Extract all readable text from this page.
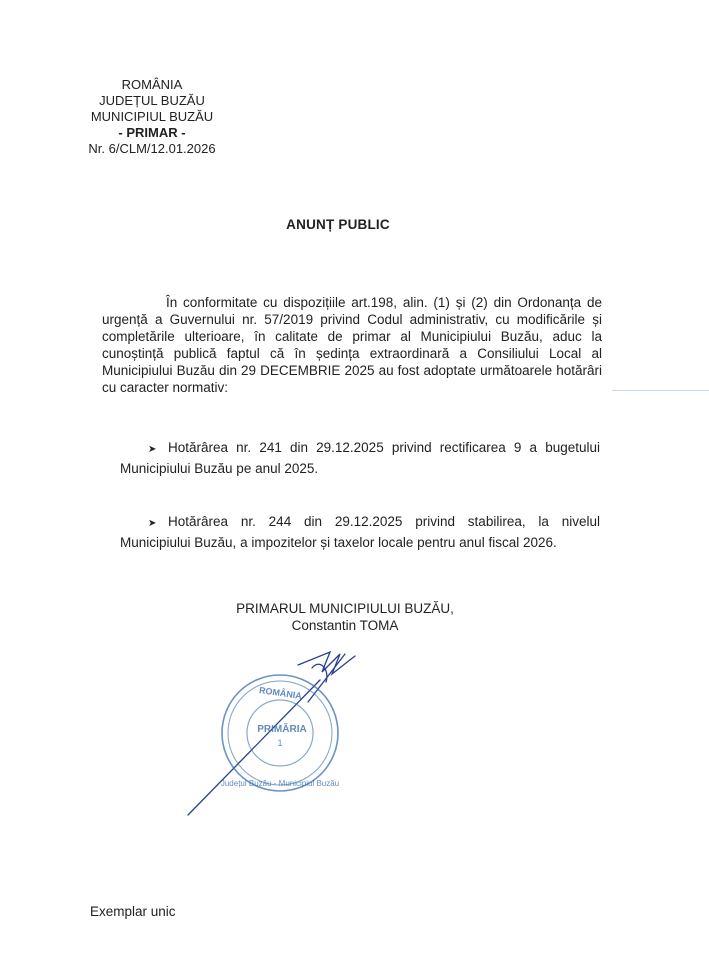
ROMÂNIA
JUDEȚUL BUZĂU
MUNICIPIUL BUZĂU
- PRIMAR -
Nr. 6/CLM/12.01.2026
ANUNȚ PUBLIC
În conformitate cu dispozițiile art.198, alin. (1) și (2) din Ordonanța de urgență a Guvernului nr. 57/2019 privind Codul administrativ, cu modificările și completările ulterioare, în calitate de primar al Municipiului Buzău, aduc la cunoștință publică faptul că în ședința extraordinară a Consiliului Local al Municipiului Buzău din 29 DECEMBRIE 2025 au fost adoptate următoarele hotărâri cu caracter normativ:
➤ Hotărârea nr. 241 din 29.12.2025 privind rectificarea 9 a bugetului Municipiului Buzău pe anul 2025.
➤ Hotărârea nr. 244 din 29.12.2025 privind stabilirea, la nivelul Municipiului Buzău, a impozitelor și taxelor locale pentru anul fiscal 2026.
PRIMARUL MUNICIPIULUI BUZĂU,
Constantin TOMA
ROMÂNIA
PRIMĂRIA
1
Județul Buzău - Municipiul Buzău
Exemplar unic
